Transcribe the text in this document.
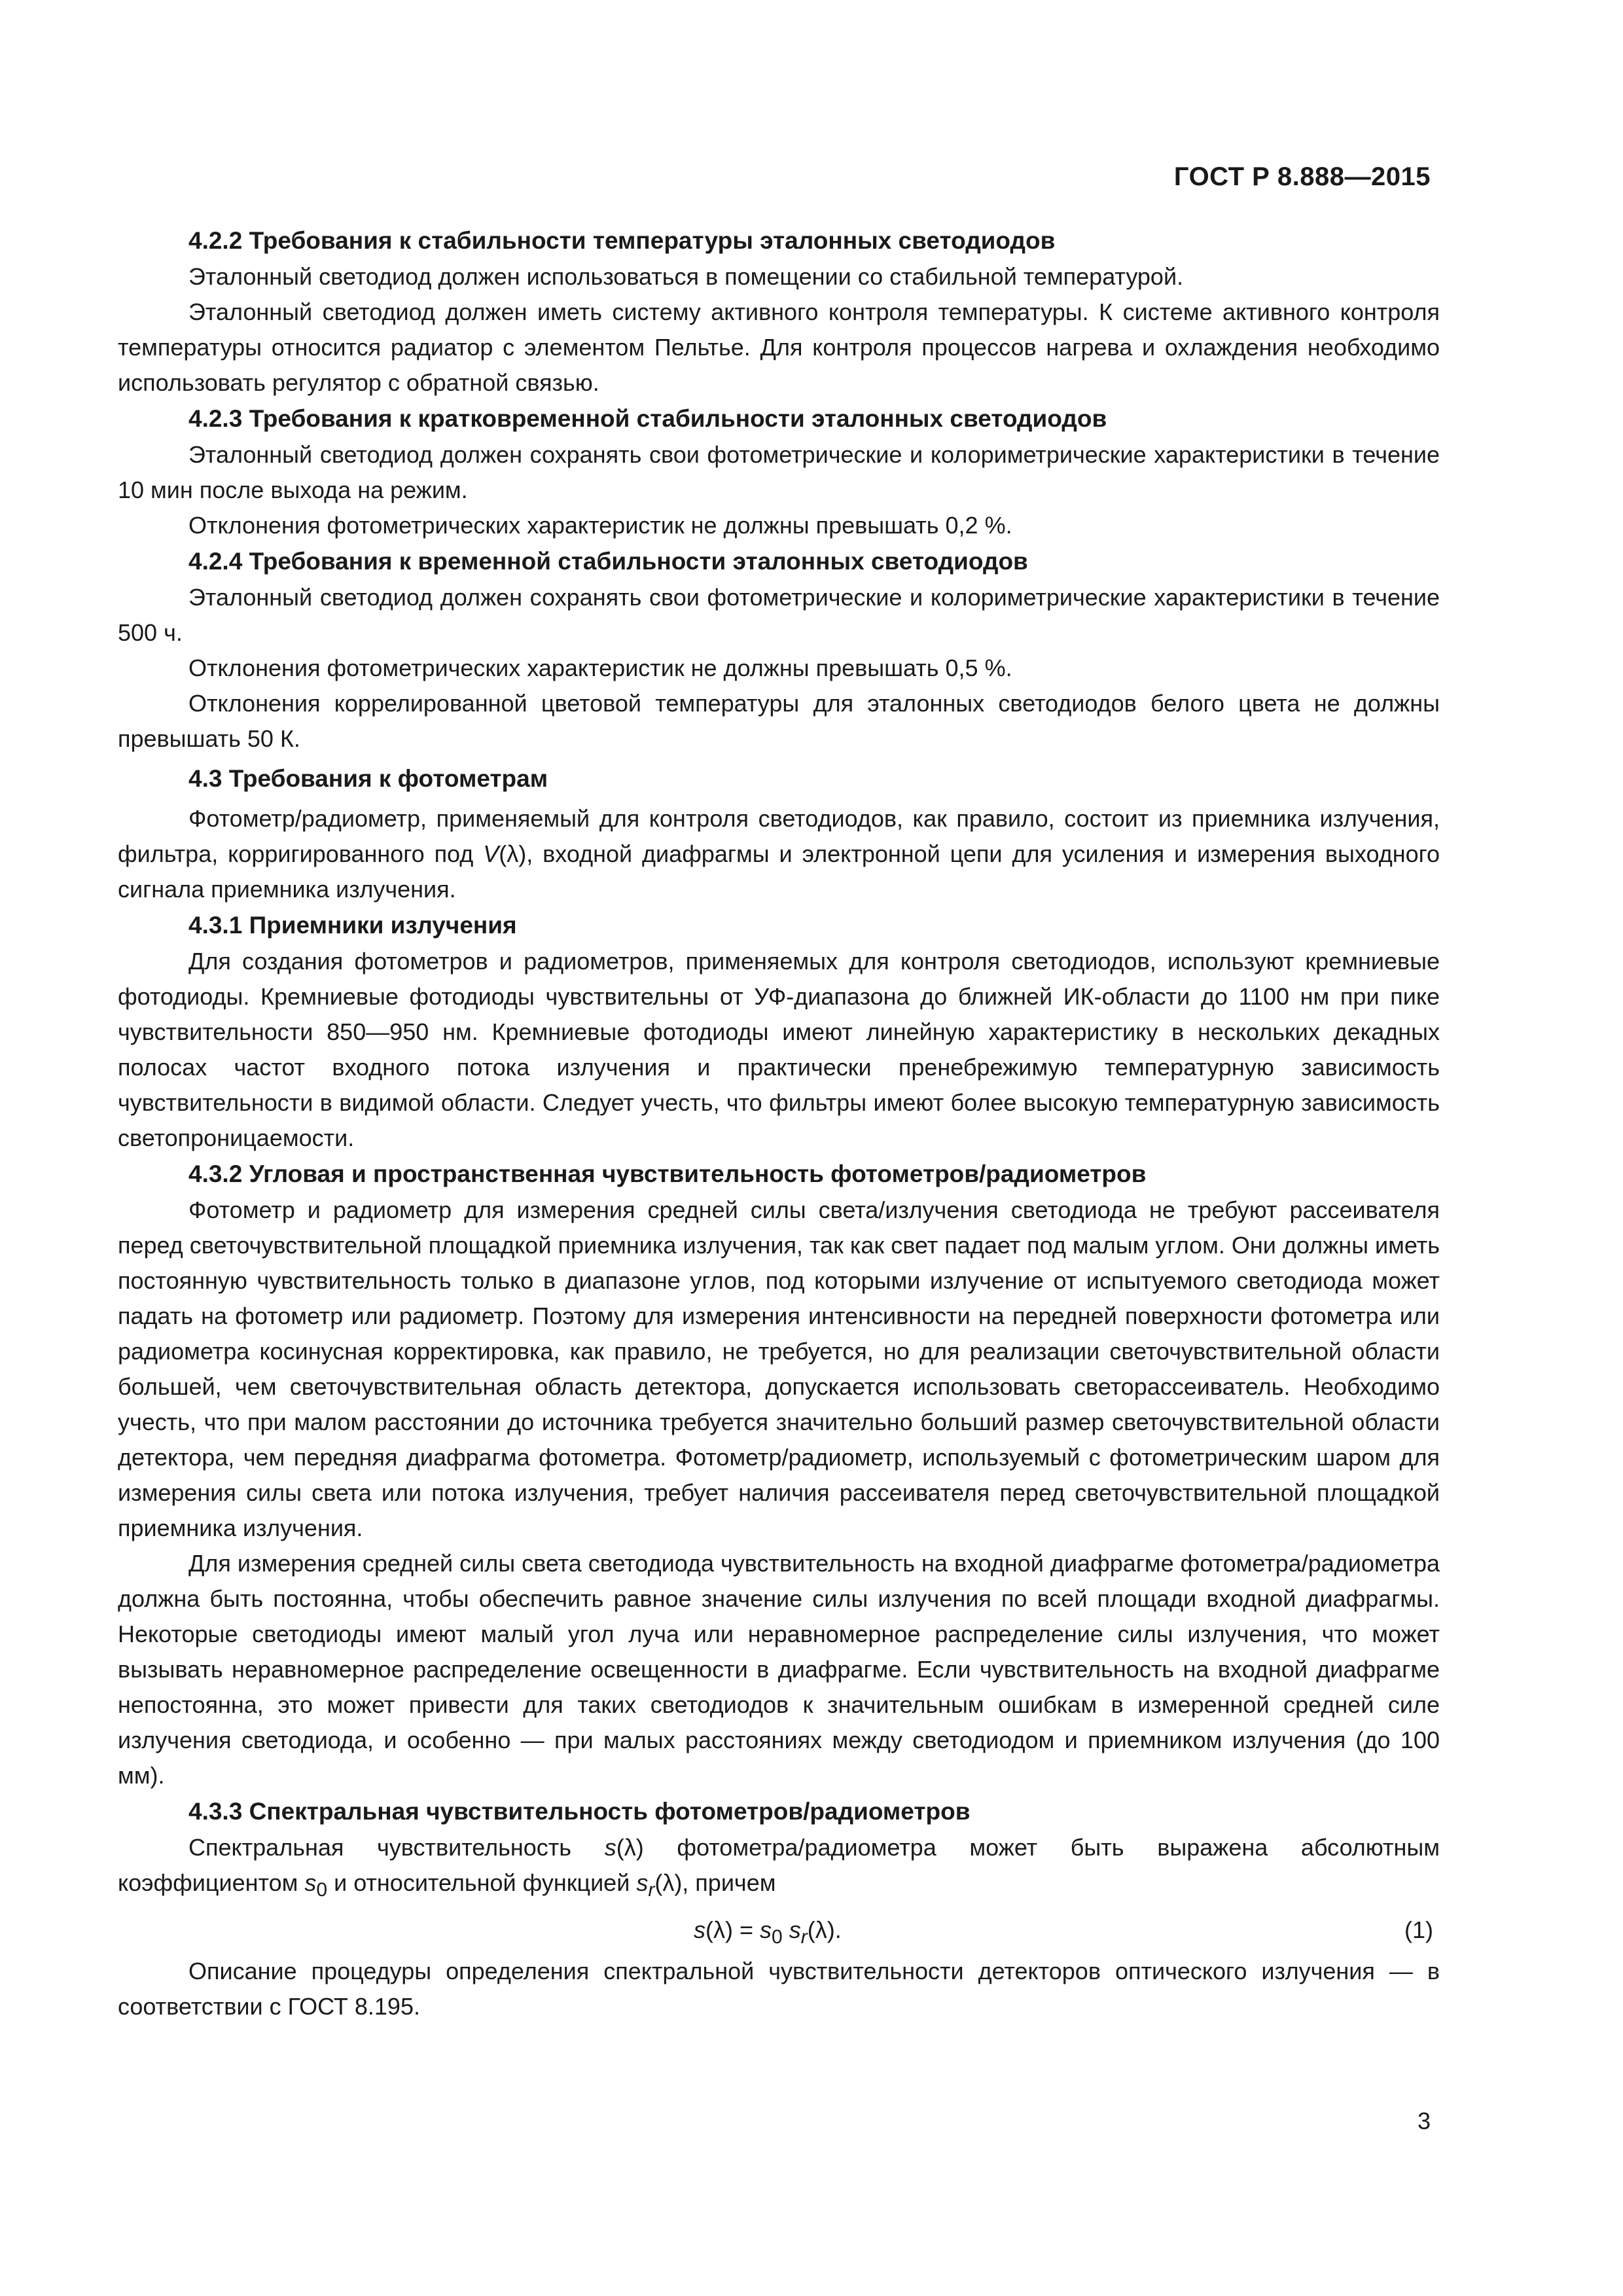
ГОСТ Р 8.888—2015
4.2.2 Требования к стабильности температуры эталонных светодиодов

Эталонный светодиод должен использоваться в помещении со стабильной температурой.

Эталонный светодиод должен иметь систему активного контроля температуры. К системе активного контроля температуры относится радиатор с элементом Пельтье. Для контроля процессов нагрева и охлаждения необходимо использовать регулятор с обратной связью.

4.2.3 Требования к кратковременной стабильности эталонных светодиодов

Эталонный светодиод должен сохранять свои фотометрические и колориметрические характеристики в течение 10 мин после выхода на режим.

Отклонения фотометрических характеристик не должны превышать 0,2 %.

4.2.4 Требования к временной стабильности эталонных светодиодов

Эталонный светодиод должен сохранять свои фотометрические и колориметрические характеристики в течение 500 ч.

Отклонения фотометрических характеристик не должны превышать 0,5 %.

Отклонения коррелированной цветовой температуры для эталонных светодиодов белого цвета не должны превышать 50 К.

4.3 Требования к фотометрам

Фотометр/радиометр, применяемый для контроля светодиодов, как правило, состоит из приемника излучения, фильтра, корригированного под V(λ), входной диафрагмы и электронной цепи для усиления и измерения выходного сигнала приемника излучения.

4.3.1 Приемники излучения

Для создания фотометров и радиометров, применяемых для контроля светодиодов, используют кремниевые фотодиоды. Кремниевые фотодиоды чувствительны от УФ-диапазона до ближней ИК-области до 1100 нм при пике чувствительности 850—950 нм. Кремниевые фотодиоды имеют линейную характеристику в нескольких декадных полосах частот входного потока излучения и практически пренебрежимую температурную зависимость чувствительности в видимой области. Следует учесть, что фильтры имеют более высокую температурную зависимость светопроницаемости.

4.3.2 Угловая и пространственная чувствительность фотометров/радиометров

Фотометр и радиометр для измерения средней силы света/излучения светодиода не требуют рассеивателя перед светочувствительной площадкой приемника излучения, так как свет падает под малым углом. Они должны иметь постоянную чувствительность только в диапазоне углов, под которыми излучение от испытуемого светодиода может падать на фотометр или радиометр. Поэтому для измерения интенсивности на передней поверхности фотометра или радиометра косинусная корректировка, как правило, не требуется, но для реализации светочувствительной области большей, чем светочувствительная область детектора, допускается использовать светорассеиватель. Необходимо учесть, что при малом расстоянии до источника требуется значительно больший размер светочувствительной области детектора, чем передняя диафрагма фотометра. Фотометр/радиометр, используемый с фотометрическим шаром для измерения силы света или потока излучения, требует наличия рассеивателя перед светочувствительной площадкой приемника излучения.

Для измерения средней силы света светодиода чувствительность на входной диафрагме фотометра/радиометра должна быть постоянна, чтобы обеспечить равное значение силы излучения по всей площади входной диафрагмы. Некоторые светодиоды имеют малый угол луча или неравномерное распределение силы излучения, что может вызывать неравномерное распределение освещенности в диафрагме. Если чувствительность на входной диафрагме непостоянна, это может привести для таких светодиодов к значительным ошибкам в измеренной средней силе излучения светодиода, и особенно — при малых расстояниях между светодиодом и приемником излучения (до 100 мм).

4.3.3 Спектральная чувствительность фотометров/радиометров

Спектральная чувствительность s(λ) фотометра/радиометра может быть выражена абсолютным коэффициентом $s_0$ и относительной функцией $s_r(\lambda)$, причем

$s(\lambda) = s_0$ $s_r(\lambda)$.	(1)

Описание процедуры определения спектральной чувствительности детекторов оптического излучения — в соответствии с ГОСТ 8.195.

3
